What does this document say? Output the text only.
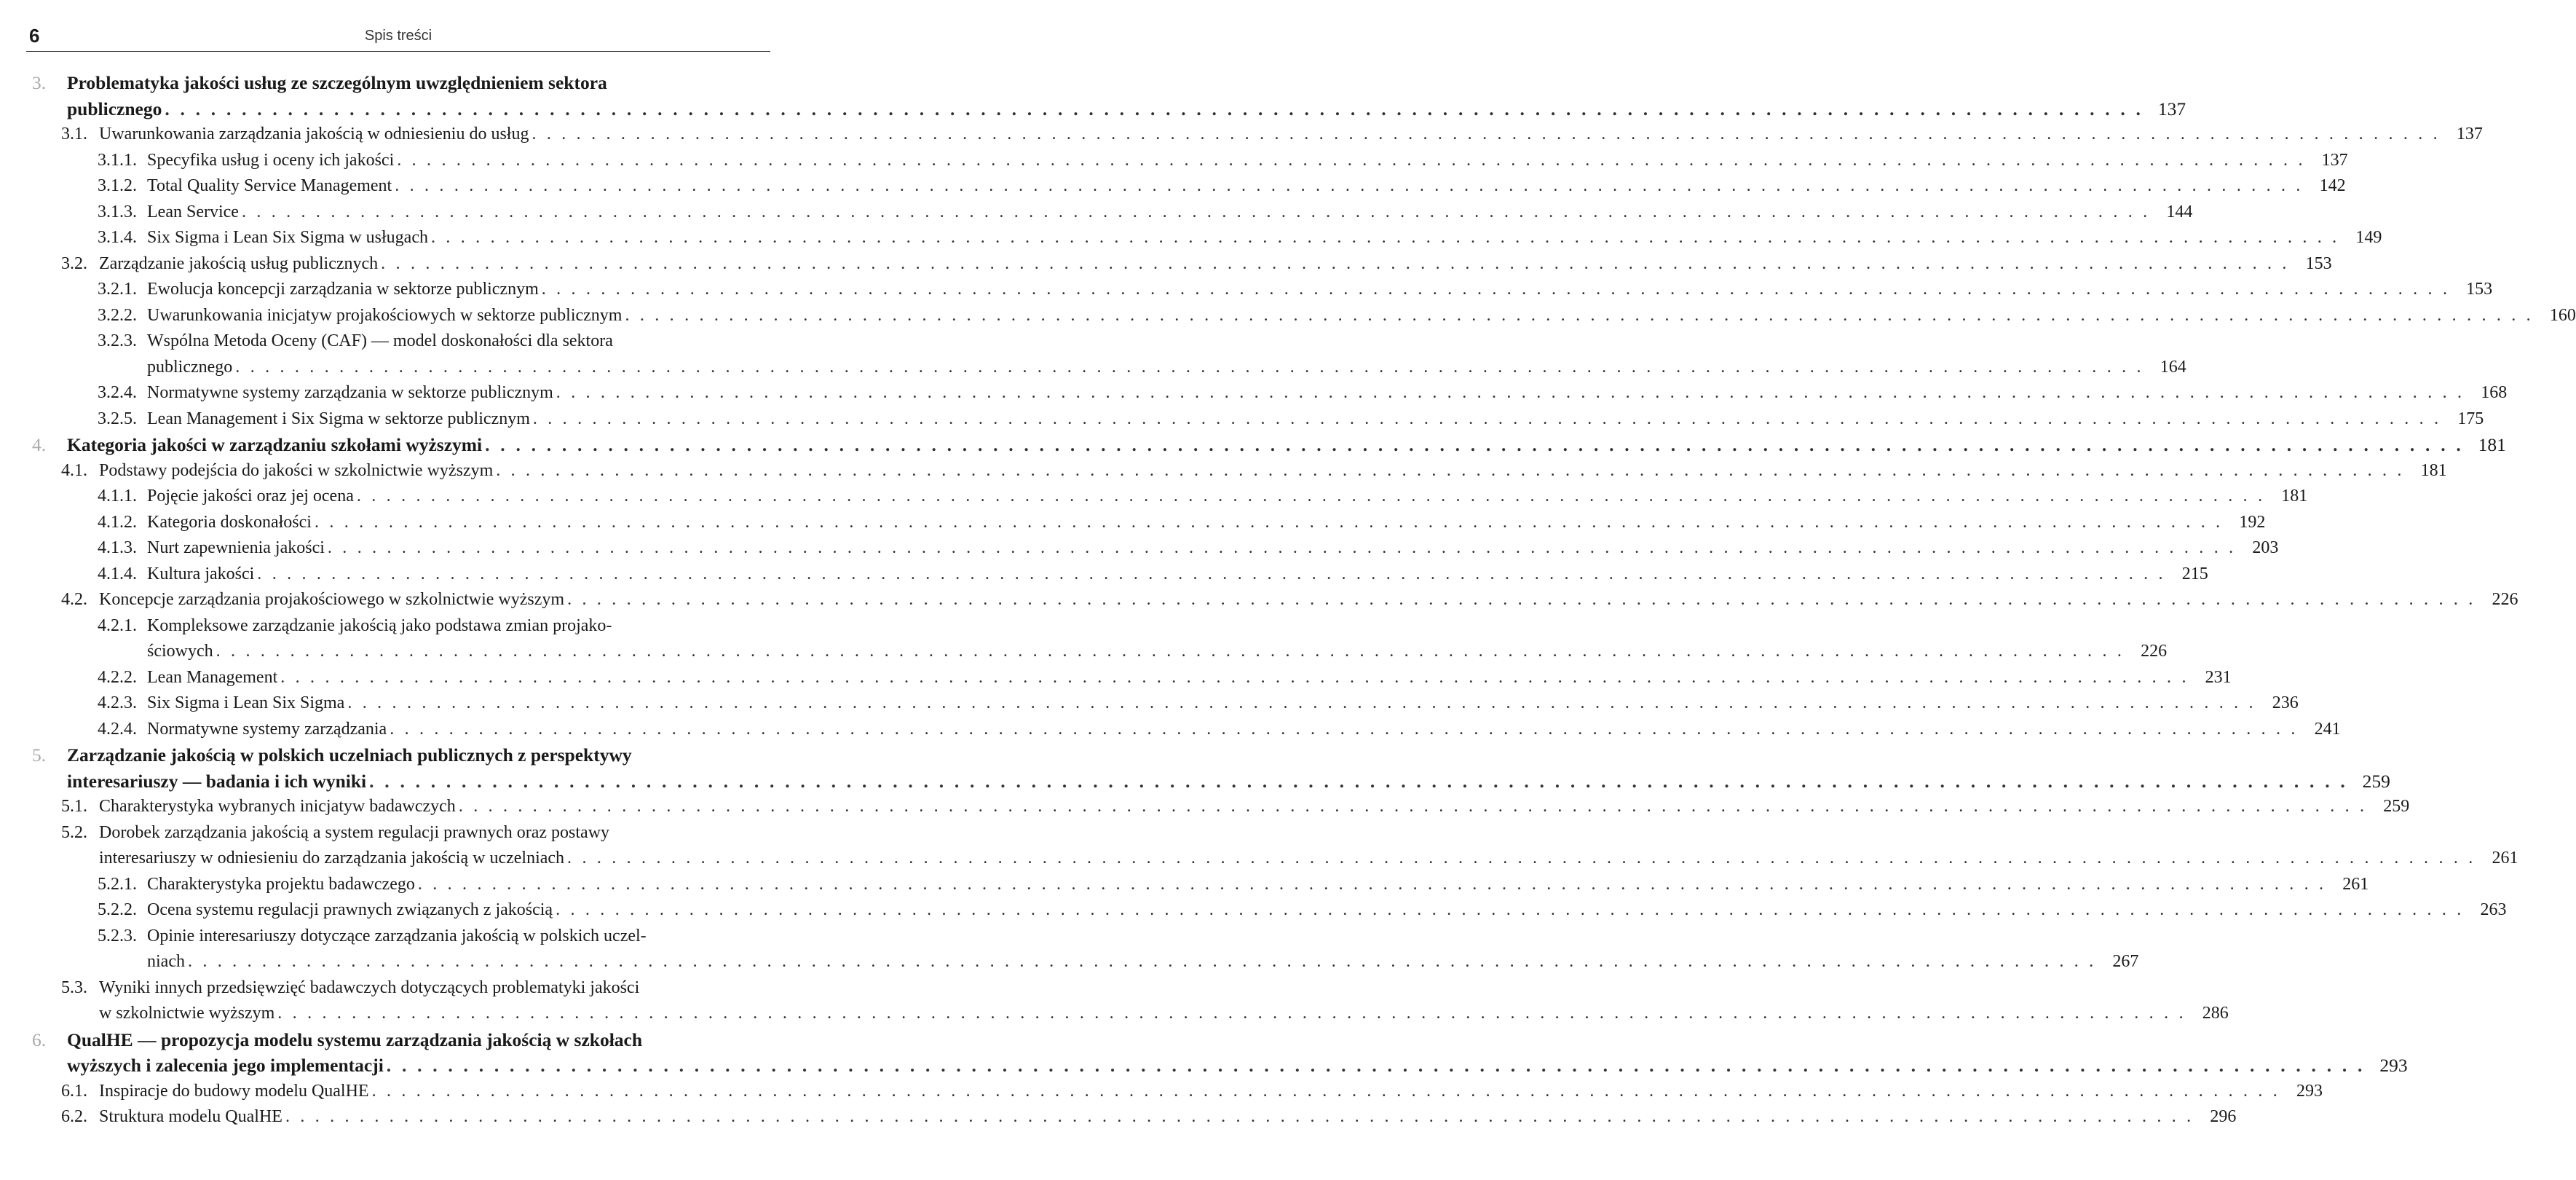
6	Spis treści
3.	Problematyka jakości usług ze szczególnym uwzględnieniem sektora
publicznego . . .	137
3.1. Uwarunkowania zarządzania jakością w odniesieniu do usług . . .	137
3.1.1. Specyfika usług i oceny ich jakości . . .	137
3.1.2. Total Quality Service Management . . .	142
3.1.3. Lean Service . . .	144
3.1.4. Six Sigma i Lean Six Sigma w usługach . . .	149
3.2. Zarządzanie jakością usług publicznych . . .	153
3.2.1. Ewolucja koncepcji zarządzania w sektorze publicznym . . .	153
3.2.2. Uwarunkowania inicjatyw projakościowych w sektorze publicznym . . .	160
3.2.3. Wspólna Metoda Oceny (CAF) — model doskonałości dla sektora
publicznego . . .	164
3.2.4. Normatywne systemy zarządzania w sektorze publicznym . . .	168
3.2.5. Lean Management i Six Sigma w sektorze publicznym . . .	175
4.	Kategoria jakości w zarządzaniu szkołami wyższymi . . .	181
4.1. Podstawy podejścia do jakości w szkolnictwie wyższym . . .	181
4.1.1. Pojęcie jakości oraz jej ocena . . .	181
4.1.2. Kategoria doskonałości . . .	192
4.1.3. Nurt zapewnienia jakości . . .	203
4.1.4. Kultura jakości . . .	215
4.2. Koncepcje zarządzania projakościowego w szkolnictwie wyższym . . .	226
4.2.1. Kompleksowe zarządzanie jakością jako podstawa zmian projako-
ściowych . . .	226
4.2.2. Lean Management . . .	231
4.2.3. Six Sigma i Lean Six Sigma . . .	236
4.2.4. Normatywne systemy zarządzania . . .	241
5.	Zarządzanie jakością w polskich uczelniach publicznych z perspektywy
interesariuszy — badania i ich wyniki . . .	259
5.1. Charakterystyka wybranych inicjatyw badawczych . . .	259
5.2. Dorobek zarządzania jakością a system regulacji prawnych oraz postawy
interesariuszy w odniesieniu do zarządzania jakością w uczelniach . . .	261
5.2.1. Charakterystyka projektu badawczego . . .	261
5.2.2. Ocena systemu regulacji prawnych związanych z jakością . . .	263
5.2.3. Opinie interesariuszy dotyczące zarządzania jakością w polskich uczel-
niach . . .	267
5.3. Wyniki innych przedsięwzięć badawczych dotyczących problematyki jakości
w szkolnictwie wyższym . . .	286
6.	QualHE — propozycja modelu systemu zarządzania jakością w szkołach
wyższych i zalecenia jego implementacji . . .	293
6.1. Inspiracje do budowy modelu QualHE . . .	293
6.2. Struktura modelu QualHE . . .	296
